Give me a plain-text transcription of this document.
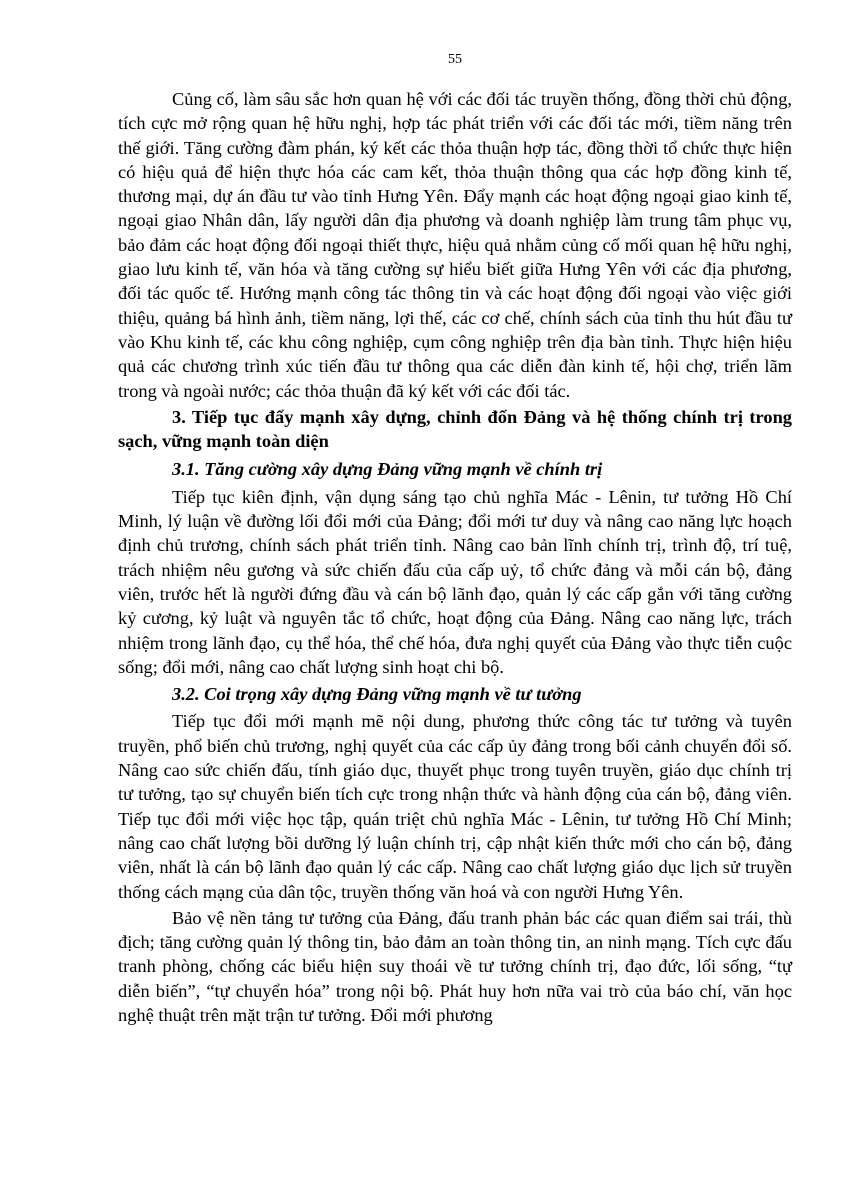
55

Củng cố, làm sâu sắc hơn quan hệ với các đối tác truyền thống, đồng thời chủ động, tích cực mở rộng quan hệ hữu nghị, hợp tác phát triển với các đối tác mới, tiềm năng trên thế giới. Tăng cường đàm phán, ký kết các thỏa thuận hợp tác, đồng thời tổ chức thực hiện có hiệu quả để hiện thực hóa các cam kết, thỏa thuận thông qua các hợp đồng kinh tế, thương mại, dự án đầu tư vào tỉnh Hưng Yên. Đẩy mạnh các hoạt động ngoại giao kinh tế, ngoại giao Nhân dân, lấy người dân địa phương và doanh nghiệp làm trung tâm phục vụ, bảo đảm các hoạt động đối ngoại thiết thực, hiệu quả nhằm củng cố mối quan hệ hữu nghị, giao lưu kinh tế, văn hóa và tăng cường sự hiểu biết giữa Hưng Yên với các địa phương, đối tác quốc tế. Hướng mạnh công tác thông tin và các hoạt động đối ngoại vào việc giới thiệu, quảng bá hình ảnh, tiềm năng, lợi thế, các cơ chế, chính sách của tỉnh thu hút đầu tư vào Khu kinh tế, các khu công nghiệp, cụm công nghiệp trên địa bàn tỉnh. Thực hiện hiệu quả các chương trình xúc tiến đầu tư thông qua các diễn đàn kinh tế, hội chợ, triển lãm trong và ngoài nước; các thỏa thuận đã ký kết với các đối tác.

3. Tiếp tục đẩy mạnh xây dựng, chỉnh đốn Đảng và hệ thống chính trị trong sạch, vững mạnh toàn diện

3.1. Tăng cường xây dựng Đảng vững mạnh về chính trị

Tiếp tục kiên định, vận dụng sáng tạo chủ nghĩa Mác - Lênin, tư tưởng Hồ Chí Minh, lý luận về đường lối đổi mới của Đảng; đổi mới tư duy và nâng cao năng lực hoạch định chủ trương, chính sách phát triển tỉnh. Nâng cao bản lĩnh chính trị, trình độ, trí tuệ, trách nhiệm nêu gương và sức chiến đấu của cấp uỷ, tổ chức đảng và mỗi cán bộ, đảng viên, trước hết là người đứng đầu và cán bộ lãnh đạo, quản lý các cấp gắn với tăng cường kỷ cương, kỷ luật và nguyên tắc tổ chức, hoạt động của Đảng. Nâng cao năng lực, trách nhiệm trong lãnh đạo, cụ thể hóa, thể chế hóa, đưa nghị quyết của Đảng vào thực tiễn cuộc sống; đổi mới, nâng cao chất lượng sinh hoạt chi bộ.

3.2. Coi trọng xây dựng Đảng vững mạnh về tư tưởng

Tiếp tục đổi mới mạnh mẽ nội dung, phương thức công tác tư tưởng và tuyên truyền, phổ biến chủ trương, nghị quyết của các cấp ủy đảng trong bối cảnh chuyển đổi số. Nâng cao sức chiến đấu, tính giáo dục, thuyết phục trong tuyên truyền, giáo dục chính trị tư tưởng, tạo sự chuyển biến tích cực trong nhận thức và hành động của cán bộ, đảng viên. Tiếp tục đổi mới việc học tập, quán triệt chủ nghĩa Mác - Lênin, tư tưởng Hồ Chí Minh; nâng cao chất lượng bồi dưỡng lý luận chính trị, cập nhật kiến thức mới cho cán bộ, đảng viên, nhất là cán bộ lãnh đạo quản lý các cấp. Nâng cao chất lượng giáo dục lịch sử truyền thống cách mạng của dân tộc, truyền thống văn hoá và con người Hưng Yên.

Bảo vệ nền tảng tư tưởng của Đảng, đấu tranh phản bác các quan điểm sai trái, thù địch; tăng cường quản lý thông tin, bảo đảm an toàn thông tin, an ninh mạng. Tích cực đấu tranh phòng, chống các biểu hiện suy thoái về tư tưởng chính trị, đạo đức, lối sống, “tự diễn biến”, “tự chuyển hóa” trong nội bộ. Phát huy hơn nữa vai trò của báo chí, văn học nghệ thuật trên mặt trận tư tưởng. Đổi mới phương
